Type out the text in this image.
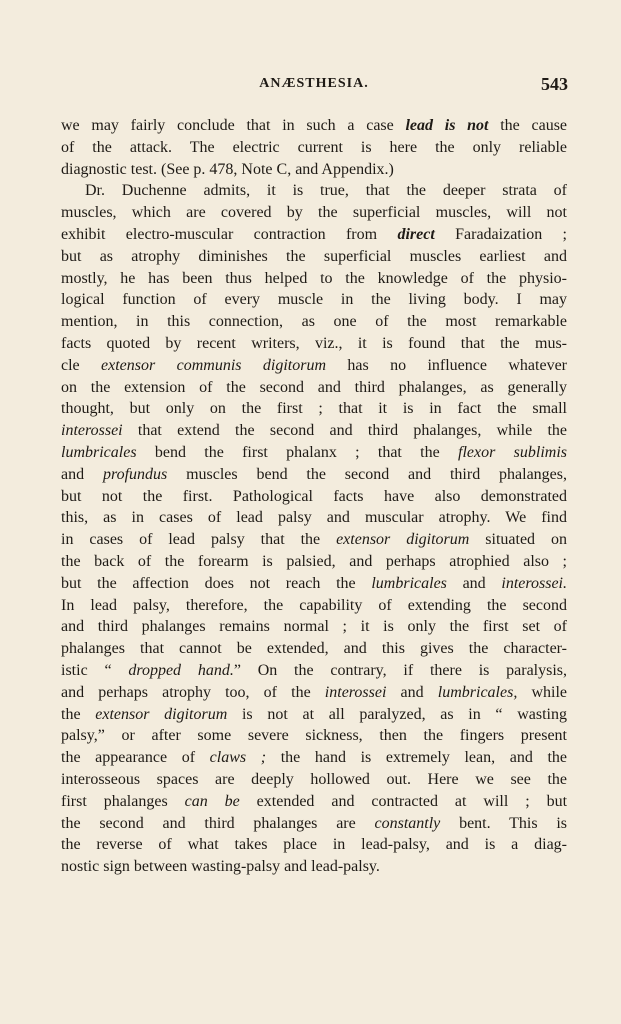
ANÆSTHESIA.	543
we may fairly conclude that in such a case lead is not the cause
of the attack. The electric current is here the only reliable
diagnostic test. (See p. 478, Note C, and Appendix.)
Dr. Duchenne admits, it is true, that the deeper strata of
muscles, which are covered by the superficial muscles, will not
exhibit electro-muscular contraction from direct Faradaization ;
but as atrophy diminishes the superficial muscles earliest and
mostly, he has been thus helped to the knowledge of the physio-
logical function of every muscle in the living body. I may
mention, in this connection, as one of the most remarkable
facts quoted by recent writers, viz., it is found that the mus-
cle extensor communis digitorum has no influence whatever
on the extension of the second and third phalanges, as generally
thought, but only on the first ; that it is in fact the small
interossei that extend the second and third phalanges, while the
lumbricales bend the first phalanx ; that the flexor sublimis
and profundus muscles bend the second and third phalanges,
but not the first. Pathological facts have also demonstrated
this, as in cases of lead palsy and muscular atrophy. We find
in cases of lead palsy that the extensor digitorum situated on
the back of the forearm is palsied, and perhaps atrophied also ;
but the affection does not reach the lumbricales and interossei.
In lead palsy, therefore, the capability of extending the second
and third phalanges remains normal ; it is only the first set of
phalanges that cannot be extended, and this gives the character-
istic “ dropped hand.” On the contrary, if there is paralysis,
and perhaps atrophy too, of the interossei and lumbricales, while
the extensor digitorum is not at all paralyzed, as in “ wasting
palsy,” or after some severe sickness, then the fingers present
the appearance of claws ; the hand is extremely lean, and the
interosseous spaces are deeply hollowed out. Here we see the
first phalanges can be extended and contracted at will ; but
the second and third phalanges are constantly bent. This is
the reverse of what takes place in lead-palsy, and is a diag-
nostic sign between wasting-palsy and lead-palsy.
